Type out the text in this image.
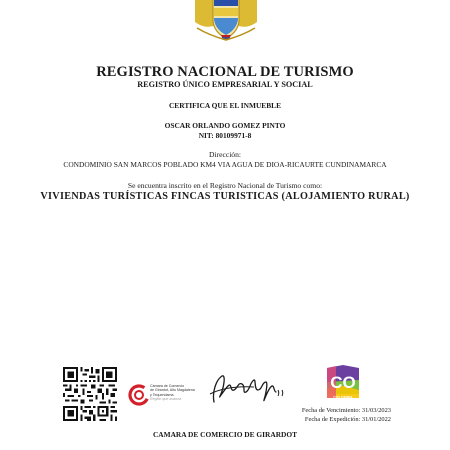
REGISTRO NACIONAL DE TURISMO
REGISTRO ÚNICO EMPRESARIAL Y SOCIAL
CERTIFICA QUE EL INMUEBLE
OSCAR ORLANDO GOMEZ PINTO
NIT: 80109971-8
Dirección:
CONDOMINIO SAN MARCOS POBLADO KM4 VIA AGUA DE DIOA-RICAURTE CUNDINAMARCA
Se encuentra inscrito en el Registro Nacional de Turismo como:
VIVIENDAS TURÍSTICAS FINCAS TURISTICAS (ALOJAMIENTO RURAL)
Cámara de Comercio
de Girardot, Alto Magdalena
y Tequendama
Región que avanza
CO
COLOMBIA
Fecha de Vencimiento: 31/03/2023
Fecha de Expedición: 31/01/2022
CAMARA DE COMERCIO DE GIRARDOT
